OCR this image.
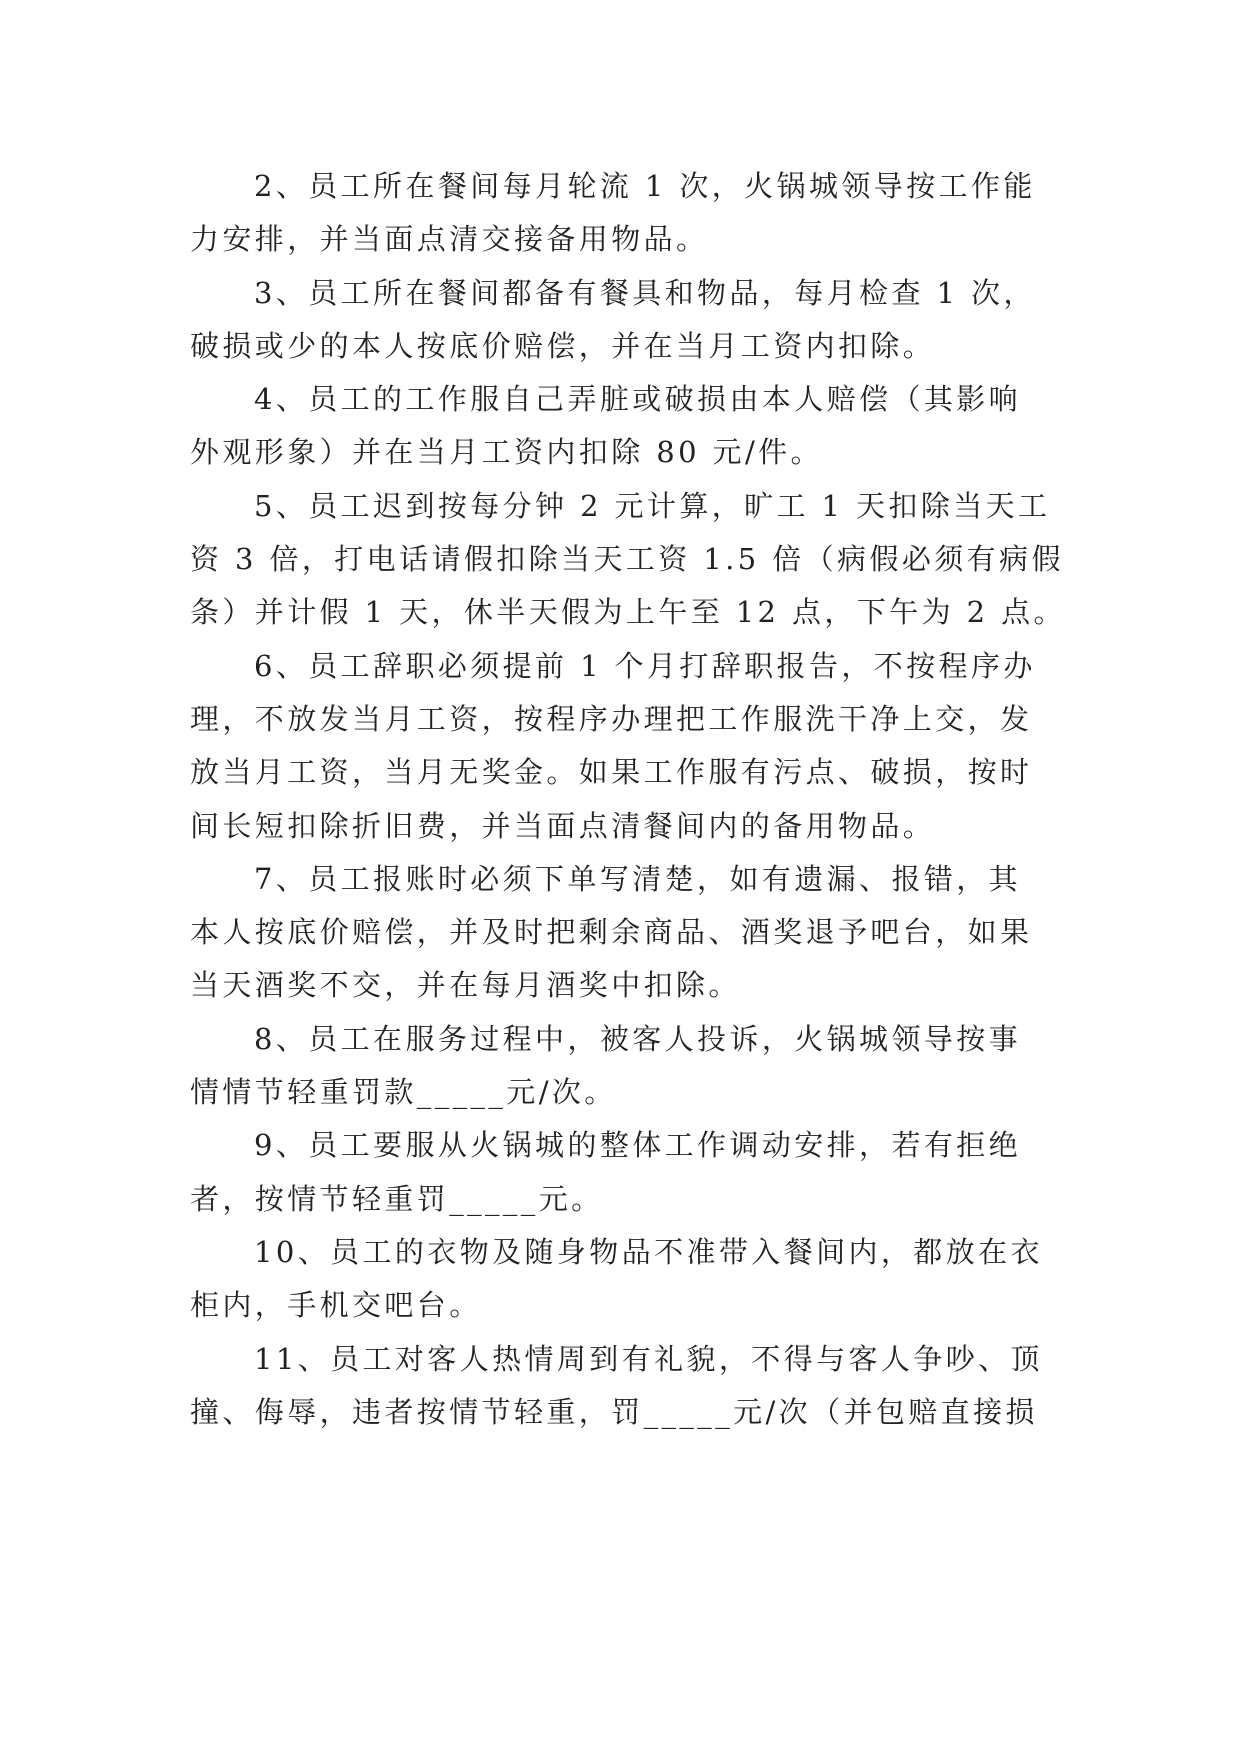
2、员工所在餐间每月轮流 1 次，火锅城领导按工作能
力安排，并当面点清交接备用物品。

3、员工所在餐间都备有餐具和物品，每月检查 1 次，
破损或少的本人按底价赔偿，并在当月工资内扣除。

4、员工的工作服自己弄脏或破损由本人赔偿（其影响
外观形象）并在当月工资内扣除 80 元/件。

5、员工迟到按每分钟 2 元计算，旷工 1 天扣除当天工
资 3 倍，打电话请假扣除当天工资 1.5 倍（病假必须有病假
条）并计假 1 天，休半天假为上午至 12 点，下午为 2 点。

6、员工辞职必须提前 1 个月打辞职报告，不按程序办
理，不放发当月工资，按程序办理把工作服洗干净上交，发
放当月工资，当月无奖金。如果工作服有污点、破损，按时
间长短扣除折旧费，并当面点清餐间内的备用物品。

7、员工报账时必须下单写清楚，如有遗漏、报错，其
本人按底价赔偿，并及时把剩余商品、酒奖退予吧台，如果
当天酒奖不交，并在每月酒奖中扣除。

8、员工在服务过程中，被客人投诉，火锅城领导按事
情情节轻重罚款_____元/次。

9、员工要服从火锅城的整体工作调动安排，若有拒绝
者，按情节轻重罚_____元。

10、员工的衣物及随身物品不准带入餐间内，都放在衣
柜内，手机交吧台。

11、员工对客人热情周到有礼貌，不得与客人争吵、顶
撞、侮辱，违者按情节轻重，罚_____元/次（并包赔直接损
